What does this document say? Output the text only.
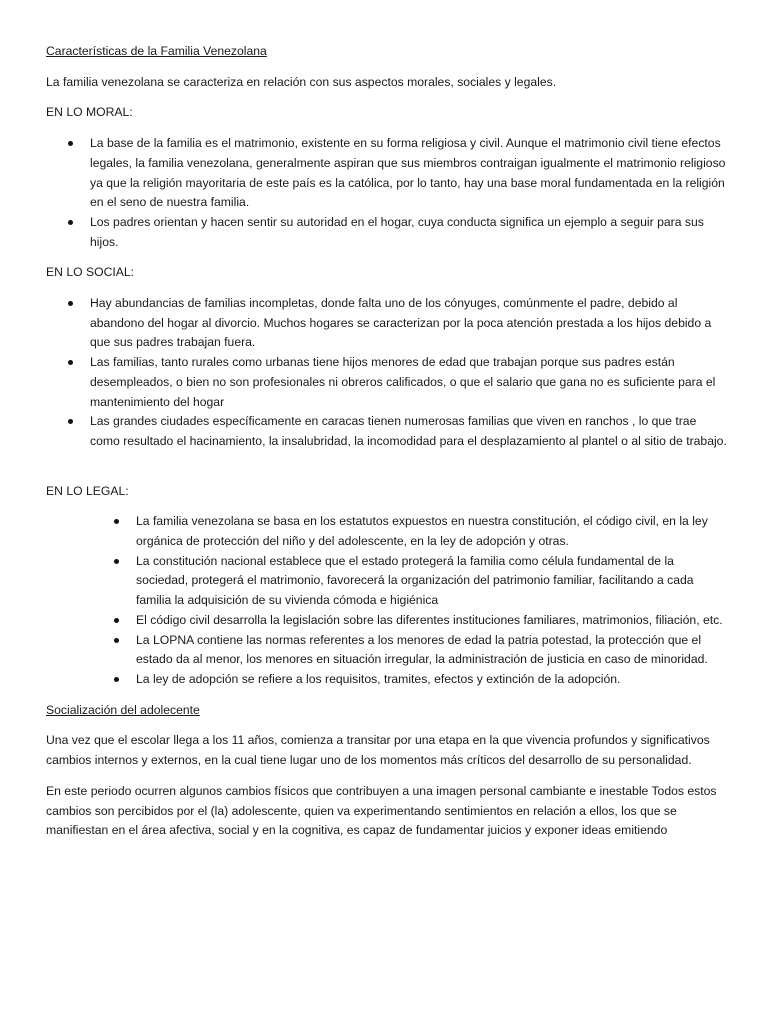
Características de la Familia Venezolana

La familia venezolana se caracteriza en relación con sus aspectos morales, sociales y legales.

EN LO MORAL:
La base de la familia es el matrimonio, existente en su forma religiosa y civil. Aunque el matrimonio civil tiene efectos legales, la familia venezolana, generalmente aspiran que sus miembros contraigan igualmente el matrimonio religioso ya que la religión mayoritaria de este país es la católica, por lo tanto, hay una base moral fundamentada en la religión en el seno de nuestra familia.
Los padres orientan y hacen sentir su autoridad en el hogar, cuya conducta significa un ejemplo a seguir para sus hijos.
EN LO SOCIAL:
Hay abundancias de familias incompletas, donde falta uno de los cónyuges, comúnmente el padre, debido al abandono del hogar al divorcio. Muchos hogares se caracterizan por la poca atención prestada a los hijos debido a que sus padres trabajan fuera.
Las familias, tanto rurales como urbanas tiene hijos menores de edad que trabajan porque sus padres están desempleados, o bien no son profesionales ni obreros calificados, o que el salario que gana no es suficiente para el mantenimiento del hogar
Las grandes ciudades específicamente en caracas tienen numerosas familias que viven en ranchos , lo que trae como resultado el hacinamiento, la insalubridad, la incomodidad para el desplazamiento al plantel o al sitio de trabajo.
EN LO LEGAL:
La familia venezolana se basa en los estatutos expuestos en nuestra constitución, el código civil, en la ley orgánica de protección del niño y del adolescente, en la ley de adopción y otras.
La constitución nacional establece que el estado protegerá la familia como célula fundamental de la sociedad, protegerá el matrimonio, favorecerá la organización del patrimonio familiar, facilitando a cada familia la adquisición de su vivienda cómoda e higiénica
El código civil desarrolla la legislación sobre las diferentes instituciones familiares, matrimonios, filiación, etc.
La LOPNA contiene las normas referentes a los menores de edad la patria potestad, la protección que el estado da al menor, los menores en situación irregular, la administración de justicia en caso de minoridad.
La ley de adopción se refiere a los requisitos, tramites, efectos y extinción de la adopción.
Socialización del adolecente

Una vez que el escolar llega a los 11 años, comienza a transitar por una etapa en la que vivencia profundos y significativos cambios internos y externos, en la cual tiene lugar uno de los momentos más críticos del desarrollo de su personalidad.

En este periodo ocurren algunos cambios físicos que contribuyen a una imagen personal cambiante e inestable Todos estos cambios son percibidos por el (la) adolescente, quien va experimentando sentimientos en relación a ellos, los que se manifiestan en el área afectiva, social y en la cognitiva, es capaz de fundamentar juicios y exponer ideas emitiendo
